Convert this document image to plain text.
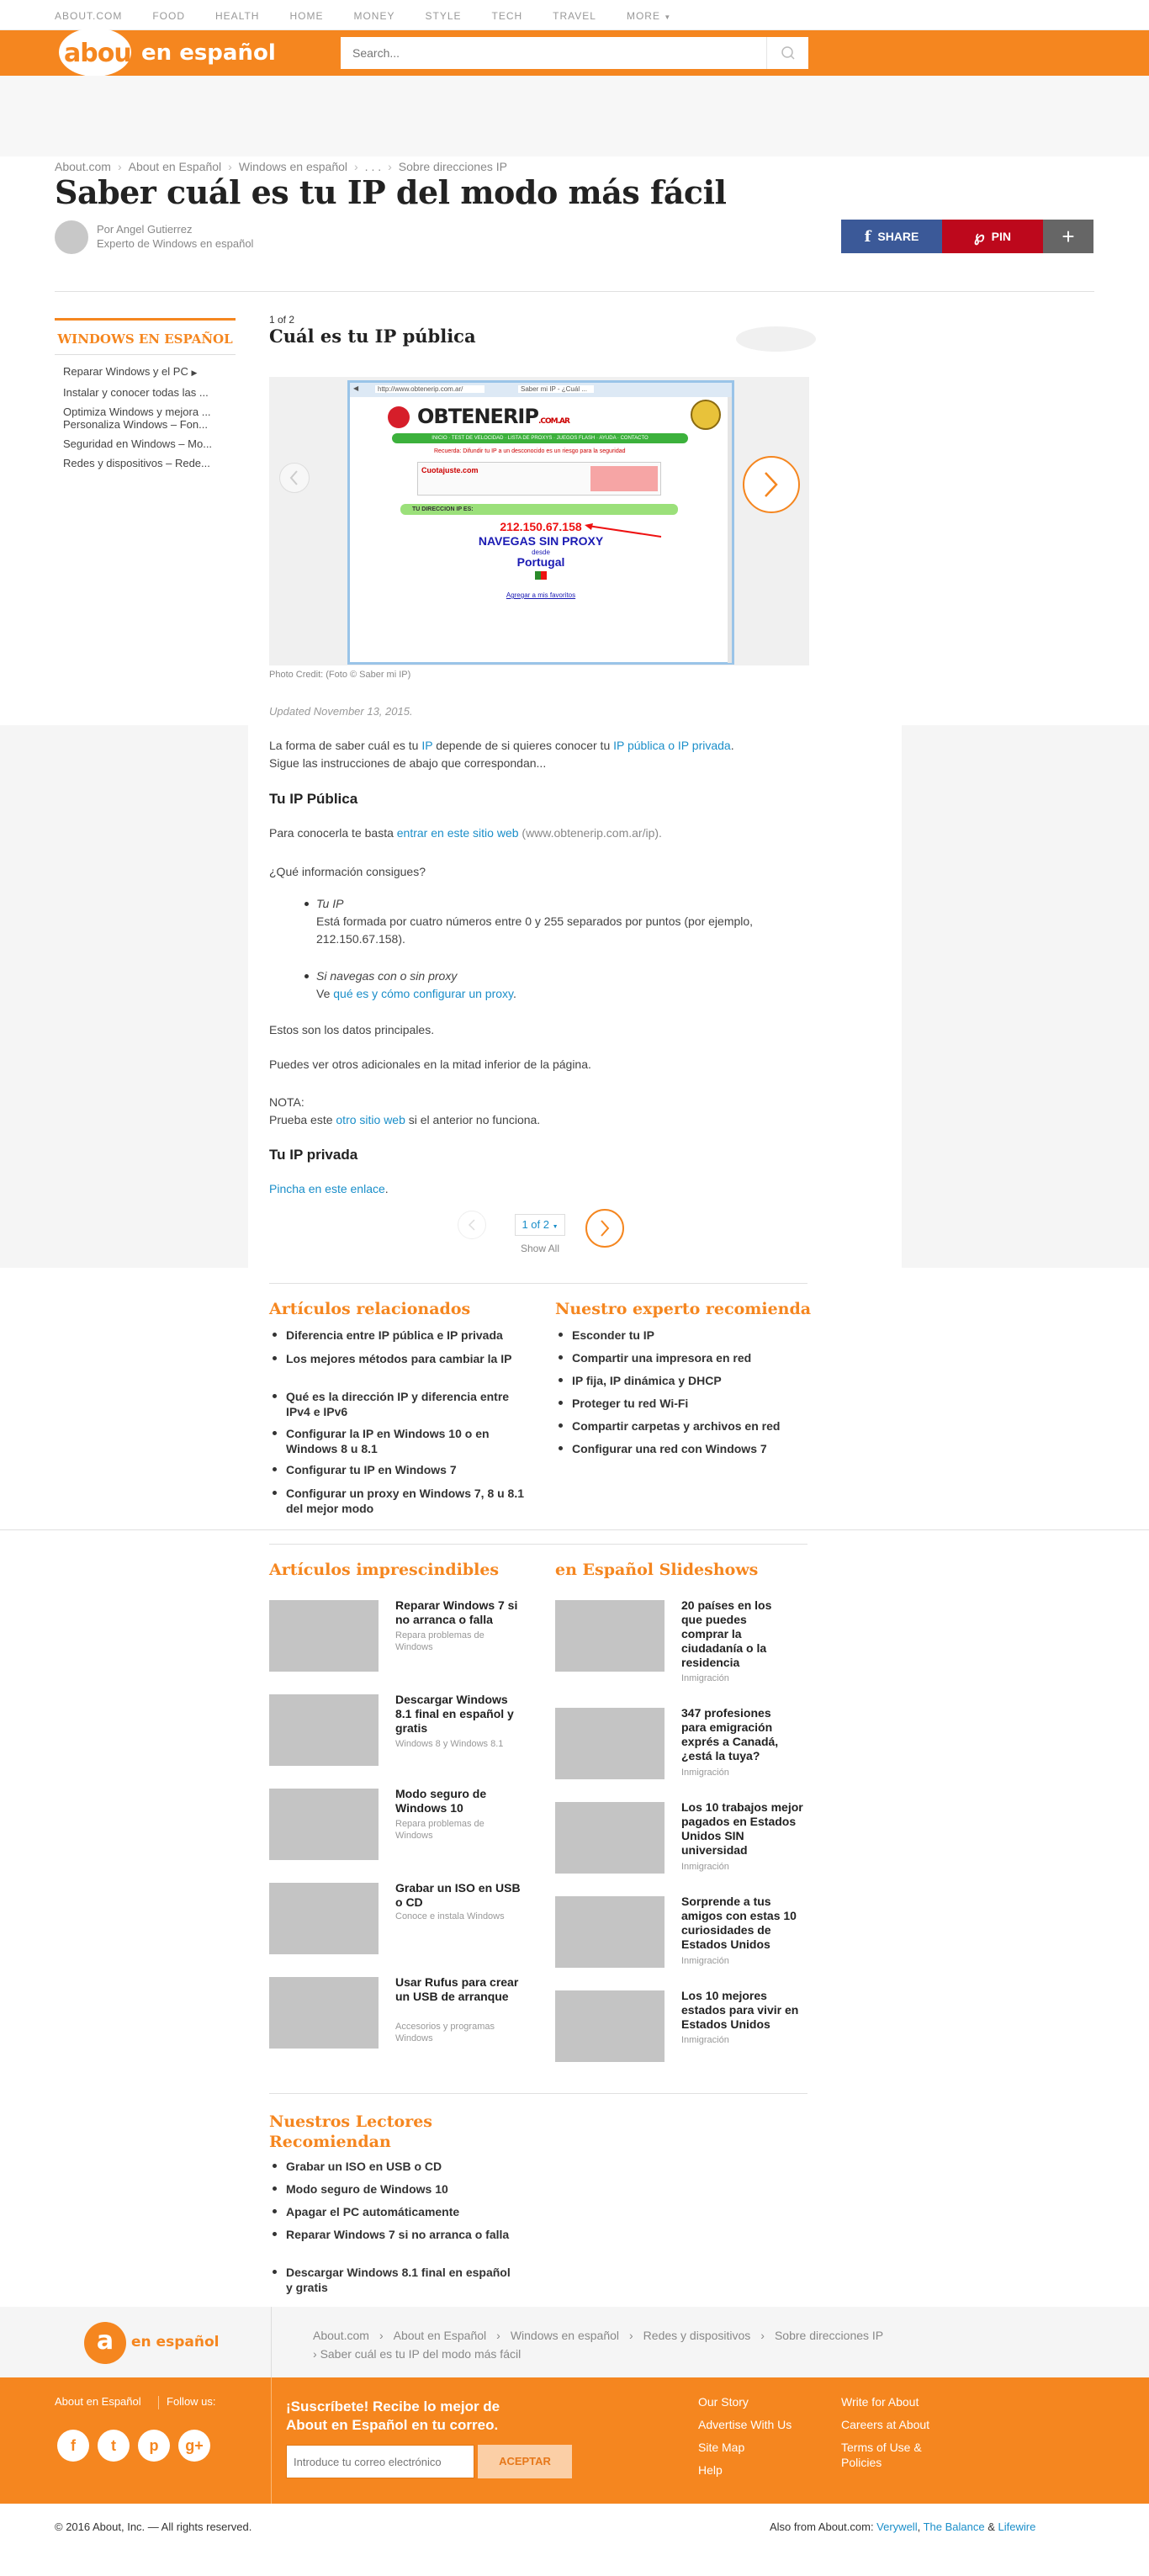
ABOUT.COM	FOOD	HEALTH	HOME	MONEY	STYLE	TECH	TRAVEL	MORE ▼
about
en español
Search...
About.com › About en Español › Windows en español › . . . › Sobre direcciones IP
Saber cuál es tu IP del modo más fácil
Por Angel Gutierrez
Experto de Windows en español	f SHARE	℘ PIN +
WINDOWS EN ESPAÑOL
Reparar Windows y el PC ▶
Instalar y conocer todas las ...
Optimiza Windows y mejora ...
Personaliza Windows – Fon...
Seguridad en Windows – Mo...
Redes y dispositivos – Rede...
1 of 2
Cuál es tu IP pública
◀	http://www.obtenerip.com.ar/	Saber mi IP - ¿Cuál ...
OBTENERIP.COM.AR
INICIO · TEST DE VELOCIDAD · LISTA DE PROXYS · JUEGOS FLASH · AYUDA · CONTACTO
Recuerda: Difundir tu IP a un desconocido es un riesgo para la seguridad
Cuotajuste.com
TU DIRECCION IP ES:
212.150.67.158
NAVEGAS SIN PROXY
desde
Portugal
Agregar a mis favoritos
Photo Credit: (Foto © Saber mi IP)
Updated November 13, 2015.
La forma de saber cuál es tu IP depende de si quieres conocer tu IP pública o IP privada.
Sigue las instrucciones de abajo que correspondan...
Tu IP Pública
Para conocerla te basta entrar en este sitio web (www.obtenerip.com.ar/ip).
¿Qué información consigues?
Tu IP
Está formada por cuatro números entre 0 y 255 separados por puntos (por ejemplo,
212.150.67.158).
Si navegas con o sin proxy
Ve qué es y cómo configurar un proxy.
Estos son los datos principales.
Puedes ver otros adicionales en la mitad inferior de la página.
NOTA:
Prueba este otro sitio web si el anterior no funciona.
Tu IP privada
Pincha en este enlace.
1 of 2 ▼
Show All
Artículos relacionados
Diferencia entre IP pública e IP privada
Los mejores métodos para cambiar la IP
Qué es la dirección IP y diferencia entre IPv4 e IPv6
Configurar la IP en Windows 10 o en Windows 8 u 8.1
Configurar tu IP en Windows 7
Configurar un proxy en Windows 7, 8 u 8.1 del mejor modo
Nuestro experto recomienda
Esconder tu IP
Compartir una impresora en red
IP fija, IP dinámica y DHCP
Proteger tu red Wi-Fi
Compartir carpetas y archivos en red
Configurar una red con Windows 7
Artículos imprescindibles
Reparar Windows 7 si no arranca o falla
Repara problemas de Windows
Descargar Windows 8.1 final en español y gratis
Windows 8 y Windows 8.1
Modo seguro de Windows 10
Repara problemas de Windows
Grabar un ISO en USB o CD
Conoce e instala Windows
Usar Rufus para crear un USB de arranque
Accesorios y programas Windows
en Español Slideshows
20 países en los que puedes comprar la ciudadanía o la residencia
Inmigración
347 profesiones para emigración exprés a Canadá, ¿está la tuya?
Inmigración
Los 10 trabajos mejor pagados en Estados Unidos SIN universidad
Inmigración
Sorprende a tus amigos con estas 10 curiosidades de Estados Unidos
Inmigración
Los 10 mejores estados para vivir en Estados Unidos
Inmigración
Nuestros Lectores Recomiendan
Grabar un ISO en USB o CD
Modo seguro de Windows 10
Apagar el PC automáticamente
Reparar Windows 7 si no arranca o falla
Descargar Windows 8.1 final en español y gratis
a	en español	About.com › About en Español › Windows en español › Redes y dispositivos › Sobre direcciones IP
› Saber cuál es tu IP del modo más fácil
About en Español Follow us:
f	t	p	g+
¡Suscríbete! Recibe lo mejor de
About en Español en tu correo.
Introduce tu correo electrónico
ACEPTAR
Our Story
Advertise With Us
Site Map
Help
Write for About
Careers at About
Terms of Use &
Policies
© 2016 About, Inc. — All rights reserved.	Also from About.com: Verywell, The Balance & Lifewire
